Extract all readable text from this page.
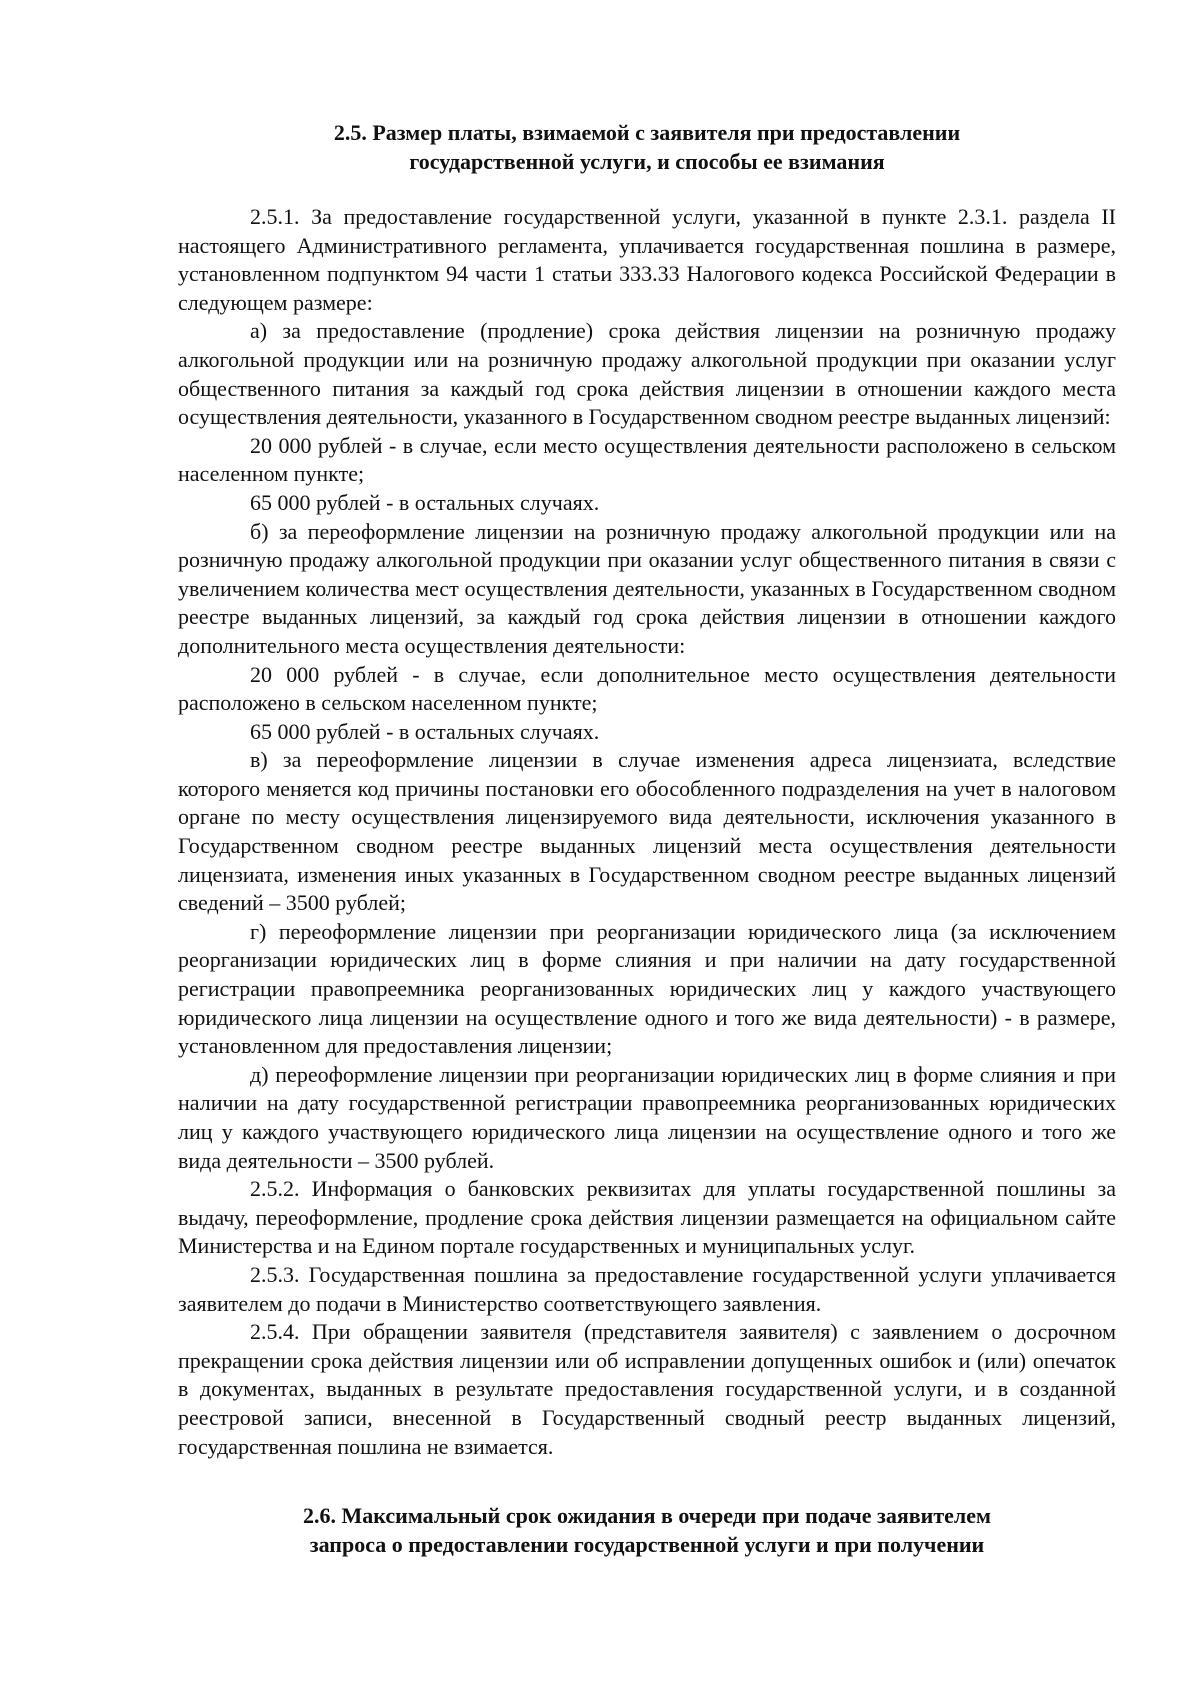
2.5. Размер платы, взимаемой с заявителя при предоставлении
государственной услуги, и способы ее взимания

2.5.1. За предоставление государственной услуги, указанной в пункте 2.3.1. раздела II настоящего Административного регламента, уплачивается государственная пошлина в размере, установленном подпунктом 94 части 1 статьи 333.33 Налогового кодекса Российской Федерации в следующем размере:

а) за предоставление (продление) срока действия лицензии на розничную продажу алкогольной продукции или на розничную продажу алкогольной продукции при оказании услуг общественного питания за каждый год срока действия лицензии в отношении каждого места осуществления деятельности, указанного в Государственном сводном реестре выданных лицензий:

20 000 рублей - в случае, если место осуществления деятельности расположено в сельском населенном пункте;

65 000 рублей - в остальных случаях.

б) за переоформление лицензии на розничную продажу алкогольной продукции или на розничную продажу алкогольной продукции при оказании услуг общественного питания в связи с увеличением количества мест осуществления деятельности, указанных в Государственном сводном реестре выданных лицензий, за каждый год срока действия лицензии в отношении каждого дополнительного места осуществления деятельности:

20 000 рублей - в случае, если дополнительное место осуществления деятельности расположено в сельском населенном пункте;

65 000 рублей - в остальных случаях.

в) за переоформление лицензии в случае изменения адреса лицензиата, вследствие которого меняется код причины постановки его обособленного подразделения на учет в налоговом органе по месту осуществления лицензируемого вида деятельности, исключения указанного в Государственном сводном реестре выданных лицензий места осуществления деятельности лицензиата, изменения иных указанных в Государственном сводном реестре выданных лицензий сведений – 3500 рублей;

г) переоформление лицензии при реорганизации юридического лица (за исключением реорганизации юридических лиц в форме слияния и при наличии на дату государственной регистрации правопреемника реорганизованных юридических лиц у каждого участвующего юридического лица лицензии на осуществление одного и того же вида деятельности) - в размере, установленном для предоставления лицензии;

д) переоформление лицензии при реорганизации юридических лиц в форме слияния и при наличии на дату государственной регистрации правопреемника реорганизованных юридических лиц у каждого участвующего юридического лица лицензии на осуществление одного и того же вида деятельности – 3500 рублей.

2.5.2. Информация о банковских реквизитах для уплаты государственной пошлины за выдачу, переоформление, продление срока действия лицензии размещается на официальном сайте Министерства и на Едином портале государственных и муниципальных услуг.

2.5.3. Государственная пошлина за предоставление государственной услуги уплачивается заявителем до подачи в Министерство соответствующего заявления.

2.5.4. При обращении заявителя (представителя заявителя) с заявлением о досрочном прекращении срока действия лицензии или об исправлении допущенных ошибок и (или) опечаток в документах, выданных в результате предоставления государственной услуги, и в созданной реестровой записи, внесенной в Государственный сводный реестр выданных лицензий, государственная пошлина не взимается.

2.6. Максимальный срок ожидания в очереди при подаче заявителем
запроса о предоставлении государственной услуги и при получении
